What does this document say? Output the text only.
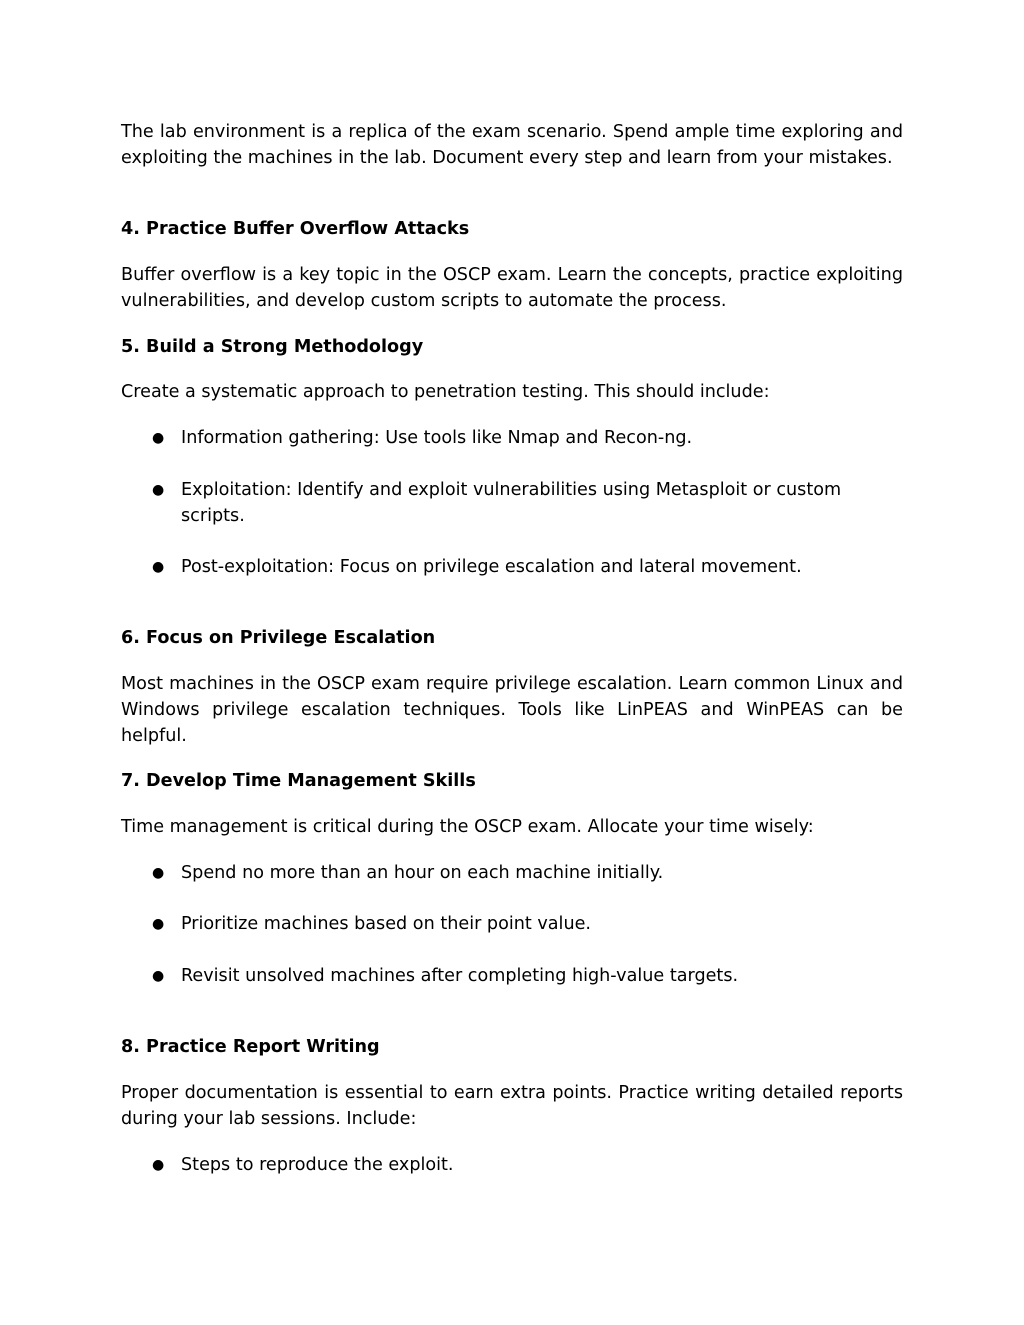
The lab environment is a replica of the exam scenario. Spend ample time exploring and exploiting the machines in the lab. Document every step and learn from your mistakes.

4. Practice Buffer Overflow Attacks

Buffer overflow is a key topic in the OSCP exam. Learn the concepts, practice exploiting vulnerabilities, and develop custom scripts to automate the process.

5. Build a Strong Methodology

Create a systematic approach to penetration testing. This should include:

● Information gathering: Use tools like Nmap and Recon-ng.
● Exploitation: Identify and exploit vulnerabilities using Metasploit or custom scripts.
● Post-exploitation: Focus on privilege escalation and lateral movement.
6. Focus on Privilege Escalation

Most machines in the OSCP exam require privilege escalation. Learn common Linux and Windows privilege escalation techniques. Tools like LinPEAS and WinPEAS can be helpful.

7. Develop Time Management Skills

Time management is critical during the OSCP exam. Allocate your time wisely:

● Spend no more than an hour on each machine initially.
● Prioritize machines based on their point value.
● Revisit unsolved machines after completing high-value targets.
8. Practice Report Writing

Proper documentation is essential to earn extra points. Practice writing detailed reports during your lab sessions. Include:

● Steps to reproduce the exploit.
